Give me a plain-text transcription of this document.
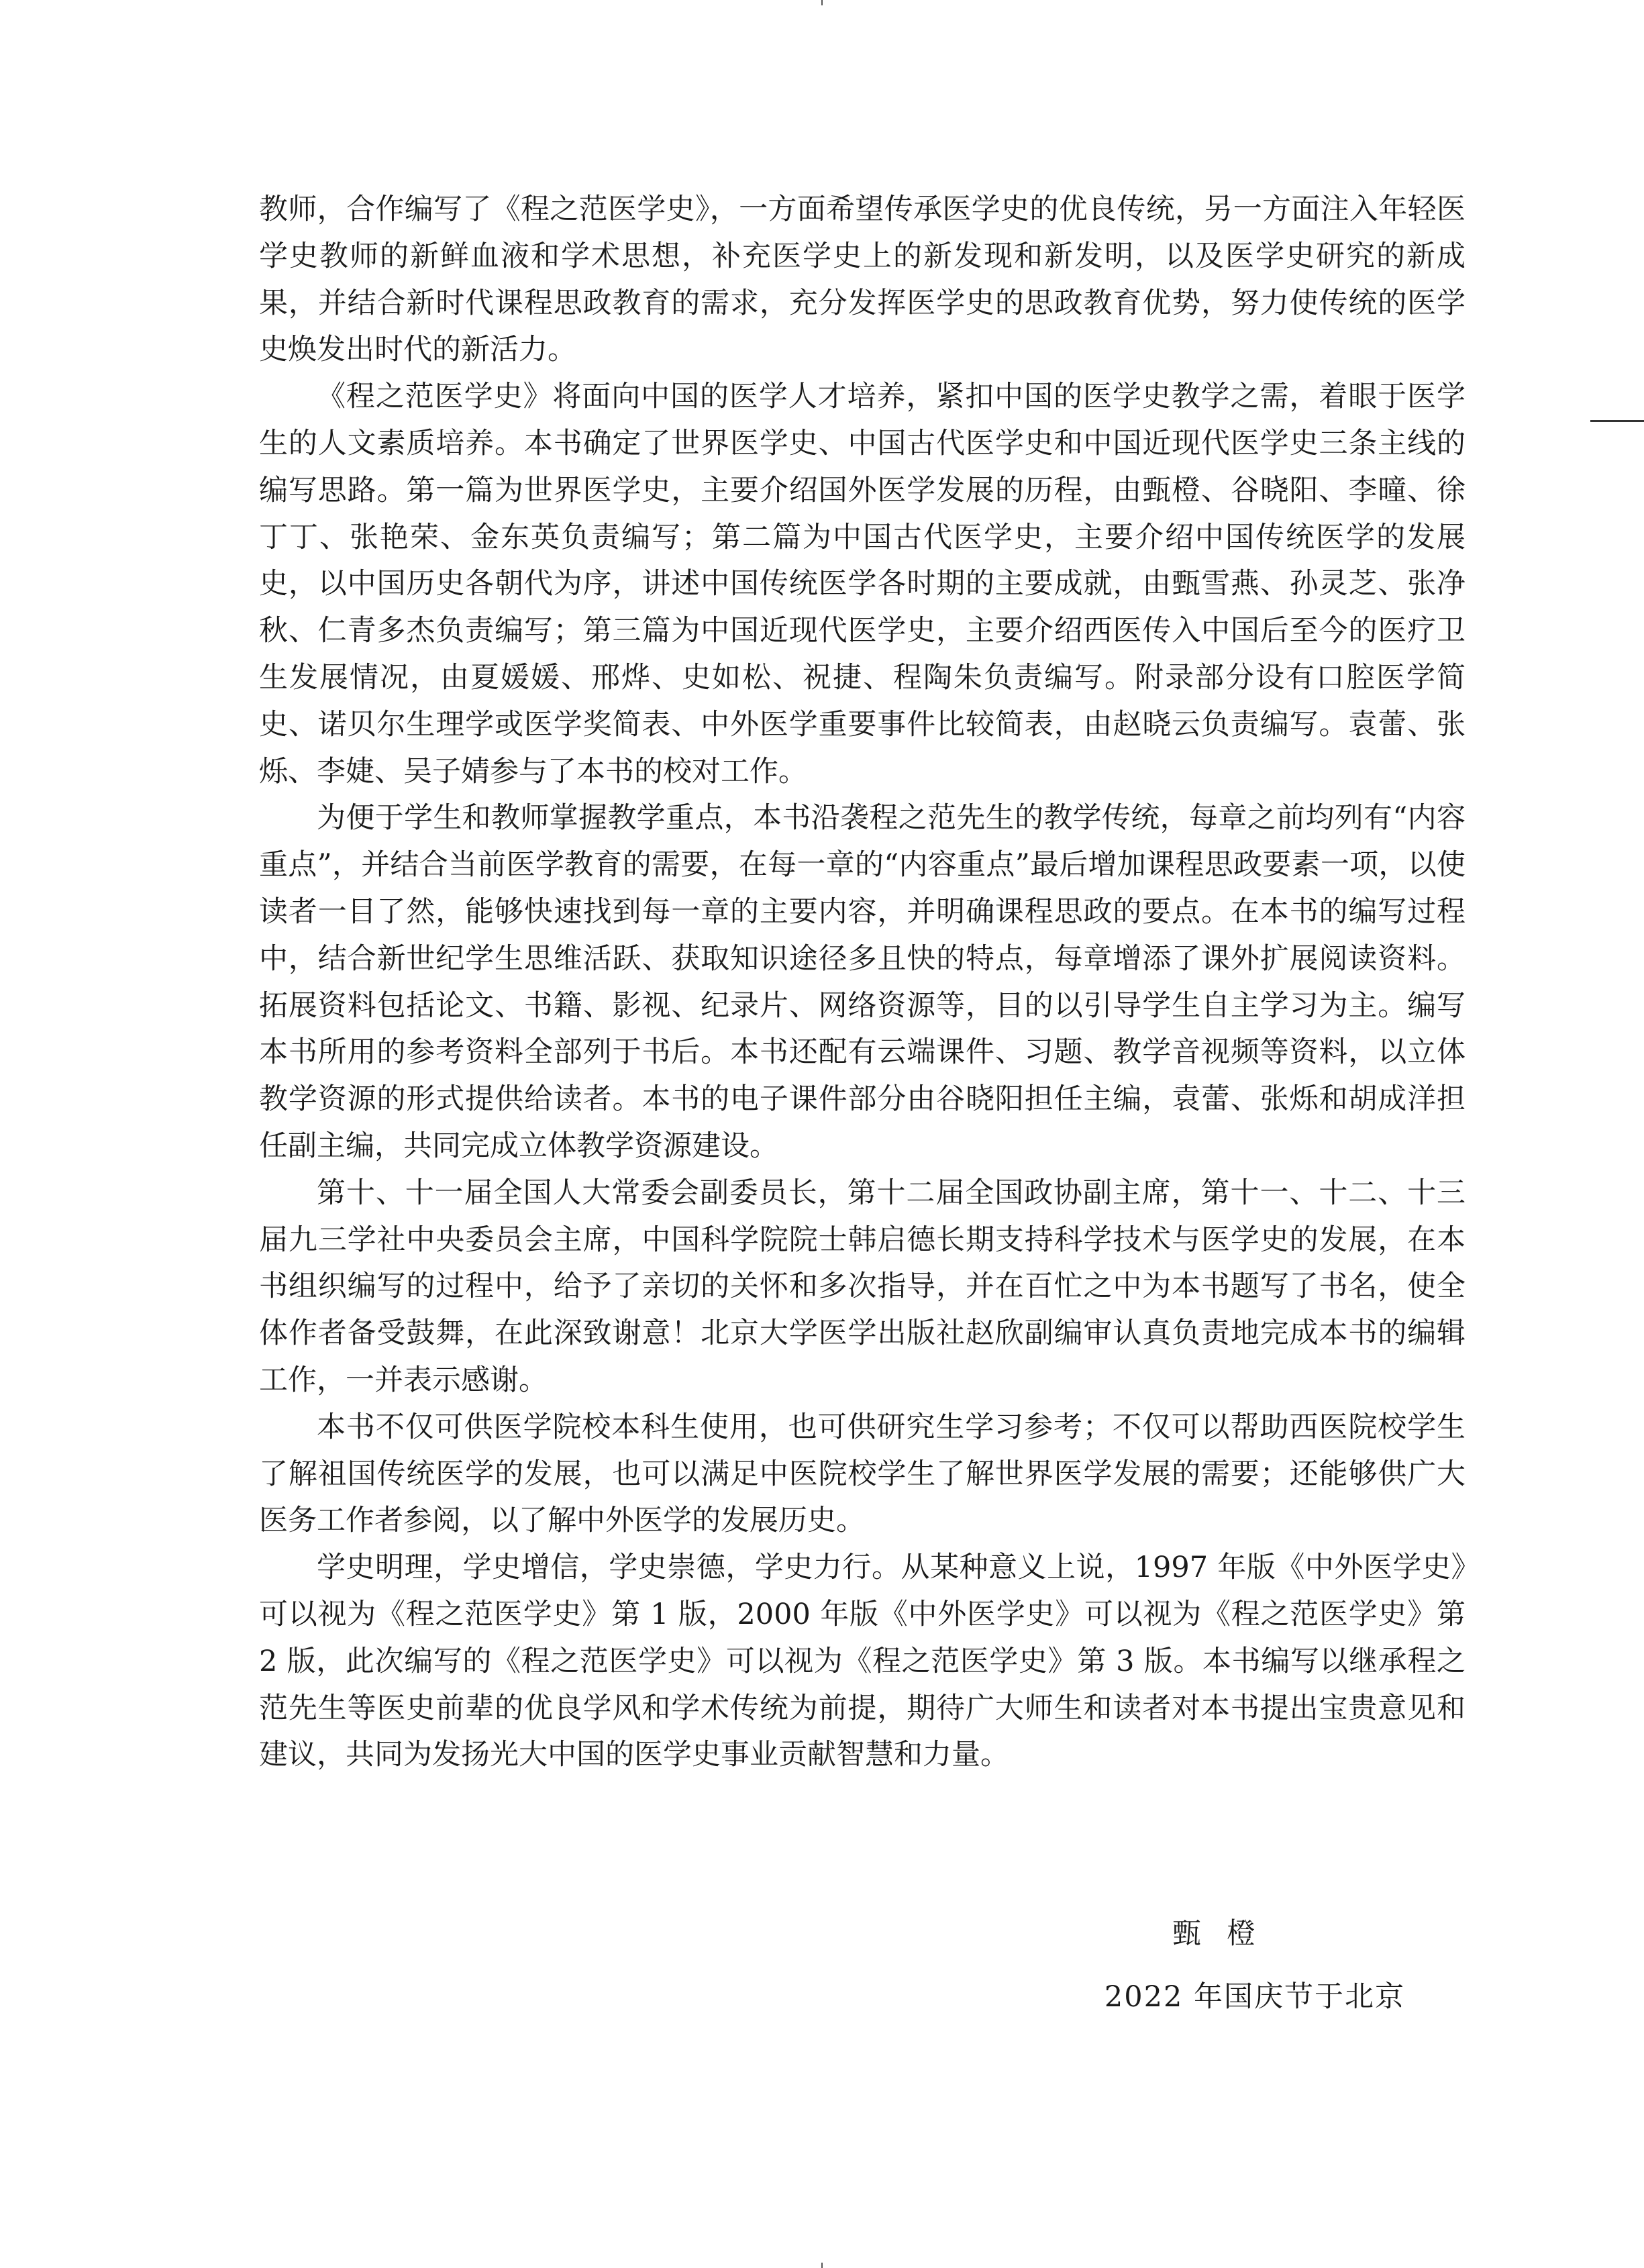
教师，合作编写了《程之范医学史》，一方面希望传承医学史的优良传统，另一方面注入年轻医学史教师的新鲜血液和学术思想，补充医学史上的新发现和新发明，以及医学史研究的新成果，并结合新时代课程思政教育的需求，充分发挥医学史的思政教育优势，努力使传统的医学史焕发出时代的新活力。

《程之范医学史》将面向中国的医学人才培养，紧扣中国的医学史教学之需，着眼于医学生的人文素质培养。本书确定了世界医学史、中国古代医学史和中国近现代医学史三条主线的编写思路。第一篇为世界医学史，主要介绍国外医学发展的历程，由甄橙、谷晓阳、李曈、徐丁丁、张艳荣、金东英负责编写；第二篇为中国古代医学史，主要介绍中国传统医学的发展史，以中国历史各朝代为序，讲述中国传统医学各时期的主要成就，由甄雪燕、孙灵芝、张净秋、仁青多杰负责编写；第三篇为中国近现代医学史，主要介绍西医传入中国后至今的医疗卫生发展情况，由夏媛媛、邢烨、史如松、祝捷、程陶朱负责编写。附录部分设有口腔医学简史、诺贝尔生理学或医学奖简表、中外医学重要事件比较简表，由赵晓云负责编写。袁蕾、张烁、李婕、吴子婧参与了本书的校对工作。

为便于学生和教师掌握教学重点，本书沿袭程之范先生的教学传统，每章之前均列有“内容重点”，并结合当前医学教育的需要，在每一章的“内容重点”最后增加课程思政要素一项，以使读者一目了然，能够快速找到每一章的主要内容，并明确课程思政的要点。在本书的编写过程中，结合新世纪学生思维活跃、获取知识途径多且快的特点，每章增添了课外扩展阅读资料。拓展资料包括论文、书籍、影视、纪录片、网络资源等，目的以引导学生自主学习为主。编写本书所用的参考资料全部列于书后。本书还配有云端课件、习题、教学音视频等资料，以立体教学资源的形式提供给读者。本书的电子课件部分由谷晓阳担任主编，袁蕾、张烁和胡成洋担任副主编，共同完成立体教学资源建设。

第十、十一届全国人大常委会副委员长，第十二届全国政协副主席，第十一、十二、十三届九三学社中央委员会主席，中国科学院院士韩启德长期支持科学技术与医学史的发展，在本书组织编写的过程中，给予了亲切的关怀和多次指导，并在百忙之中为本书题写了书名，使全体作者备受鼓舞，在此深致谢意！北京大学医学出版社赵欣副编审认真负责地完成本书的编辑工作，一并表示感谢。

本书不仅可供医学院校本科生使用，也可供研究生学习参考；不仅可以帮助西医院校学生了解祖国传统医学的发展，也可以满足中医院校学生了解世界医学发展的需要；还能够供广大医务工作者参阅，以了解中外医学的发展历史。

学史明理，学史增信，学史崇德，学史力行。从某种意义上说，1997 年版《中外医学史》可以视为《程之范医学史》第 1 版，2000 年版《中外医学史》可以视为《程之范医学史》第 2 版，此次编写的《程之范医学史》可以视为《程之范医学史》第 3 版。本书编写以继承程之范先生等医史前辈的优良学风和学术传统为前提，期待广大师生和读者对本书提出宝贵意见和建议，共同为发扬光大中国的医学史事业贡献智慧和力量。

甄橙
2022 年国庆节于北京
